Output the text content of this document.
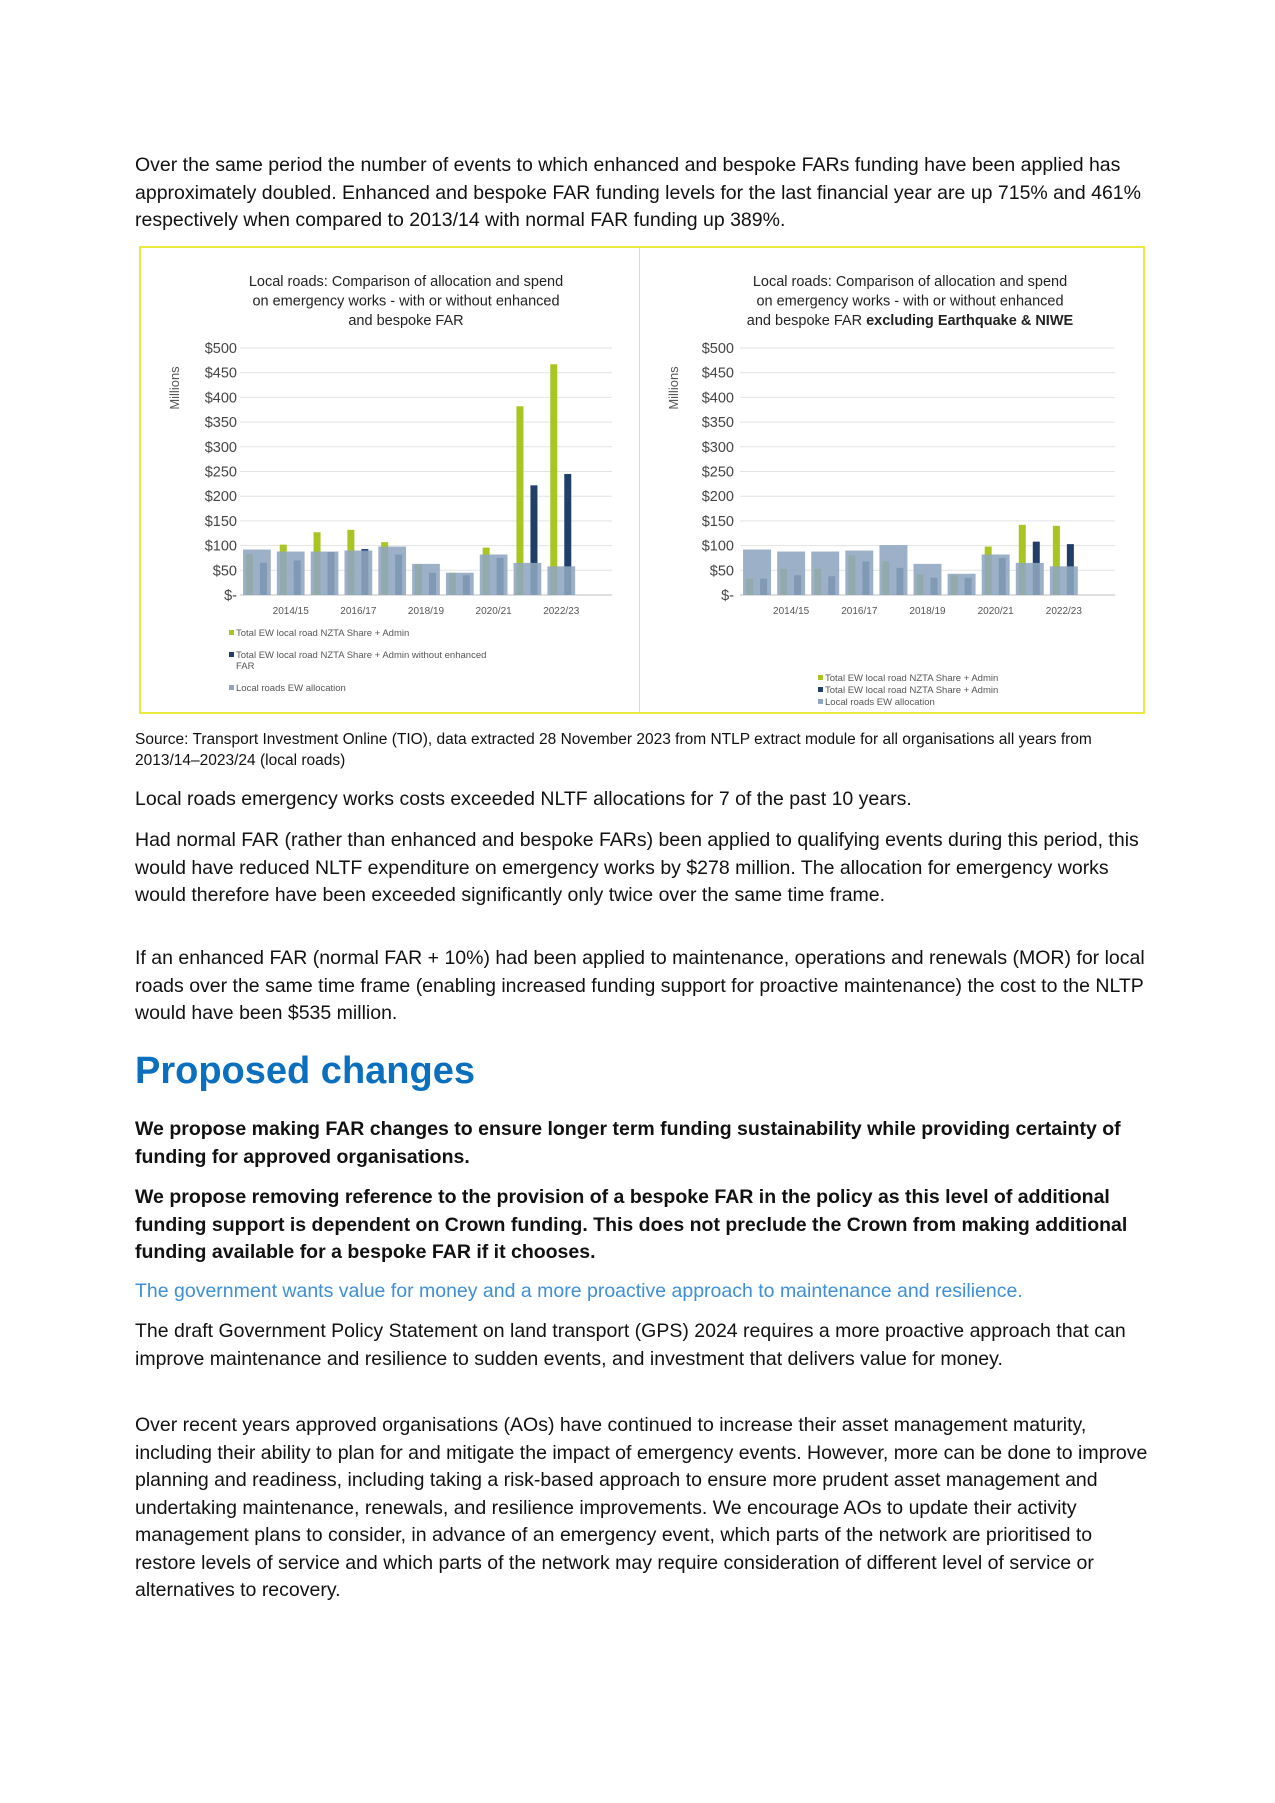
Over the same period the number of events to which enhanced and bespoke FARs funding have been applied has approximately doubled. Enhanced and bespoke FAR funding levels for the last financial year are up 715% and 461% respectively when compared to 2013/14 with normal FAR funding up 389%.

Local roads: Comparison of allocation and spend on emergency works - with or without enhanced and bespoke FAR
Millions
$-
$50
$100
$150
$200
$250
$300
$350
$400
$450
$500
2014/15	2016/17	2018/19	2020/21	2022/23
Total EW local road NZTA Share + Admin
Total EW local road NZTA Share + Admin without enhanced
FAR
Local roads EW allocation
Local roads: Comparison of allocation and spend on emergency works - with or without enhanced and bespoke FAR excluding Earthquake & NIWE
Millions
$-
$50
$100
$150
$200
$250
$300
$350
$400
$450
$500
2014/15	2016/17	2018/19	2020/21	2022/23
Total EW local road NZTA Share + Admin
Total EW local road NZTA Share + Admin
Local roads EW allocation

Source: Transport Investment Online (TIO), data extracted 28 November 2023 from NTLP extract module for all organisations all years from 2013/14–2023/24 (local roads)

Local roads emergency works costs exceeded NLTF allocations for 7 of the past 10 years.

Had normal FAR (rather than enhanced and bespoke FARs) been applied to qualifying events during this period, this would have reduced NLTF expenditure on emergency works by $278 million. The allocation for emergency works would therefore have been exceeded significantly only twice over the same time frame.

If an enhanced FAR (normal FAR + 10%) had been applied to maintenance, operations and renewals (MOR) for local roads over the same time frame (enabling increased funding support for proactive maintenance) the cost to the NLTP would have been $535 million.

Proposed changes

We propose making FAR changes to ensure longer term funding sustainability while providing certainty of funding for approved organisations.

We propose removing reference to the provision of a bespoke FAR in the policy as this level of additional funding support is dependent on Crown funding. This does not preclude the Crown from making additional funding available for a bespoke FAR if it chooses.

The government wants value for money and a more proactive approach to maintenance and resilience.

The draft Government Policy Statement on land transport (GPS) 2024 requires a more proactive approach that can improve maintenance and resilience to sudden events, and investment that delivers value for money.

Over recent years approved organisations (AOs) have continued to increase their asset management maturity, including their ability to plan for and mitigate the impact of emergency events. However, more can be done to improve planning and readiness, including taking a risk-based approach to ensure more prudent asset management and undertaking maintenance, renewals, and resilience improvements. We encourage AOs to update their activity management plans to consider, in advance of an emergency event, which parts of the network are prioritised to restore levels of service and which parts of the network may require consideration of different level of service or alternatives to recovery.
